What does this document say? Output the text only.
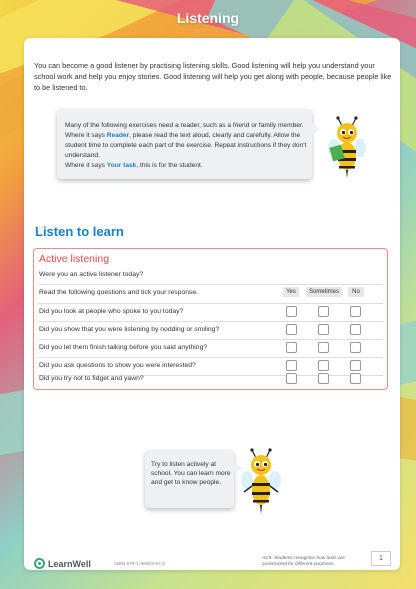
Listening

You can become a good listener by practising listening skills. Good listening will help you understand your school work and help you enjoy stories. Good listening will help you get along with people, because people like to be listened to.

Many of the following exercises need a reader, such as a friend or family member. Where it says Reader, please read the text aloud, clearly and carefully. Allow the student time to complete each part of the exercise. Repeat instructions if they don't understand.

Where it says Your task, this is for the student.

Listen to learn
Active listening
Were you an active listener today?
Read the following questions and tick your response.	Yes	Sometimes	No
Did you look at people who spoke to you today?
Did you show that you were listening by nodding or smiling?
Did you let them finish talking before you said anything?
Did you ask questions to show you were interested?
Did you try not to fidget and yawn?

Try to listen actively at school. You can learn more and get to know people.

LearnWell	ISBN 978-1-99003-67-0
AC9: Students recognise how texts are constructed for different purposes.
1
